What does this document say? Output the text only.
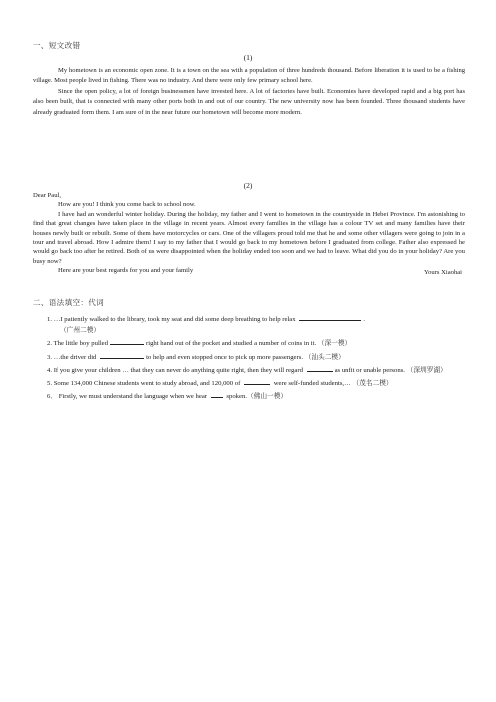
一、短文改错
(1)

My hometown is an economic open zone. It is a town on the sea with a population of three hundreds thousand. Before liberation it is used to be a fishing village. Most people lived in fishing. There was no industry. And there were only few primary school here.

Since the open policy, a lot of foreign businessmen have invested here. A lot of factories have built. Economies have developed rapid and a big port has also been built, that is connected with many other ports both in and out of our country. The new university now has been founded. Three thousand students have already graduated form them. I am sure of in the near future our hometown will become more modern.

(2)

Dear Paul,

How are you! I think you come back to school now.

I have had an wonderful winter holiday. During the holiday, my father and I went to hometown in the countryside in Hebei Province. I'm astonishing to find that great changes have taken place in the village in recent years. Almost every families in the village has a colour TV set and many families have their houses newly built or rebuilt. Some of them have motorcycles or cars. One of the villagers proud told me that he and some other villagers were going to join in a tour and travel abroad. How I admire them! I say to my father that I would go back to my hometown before I graduated from college. Father also expressed he would go back too after he retired. Both of us were disappointed when the holiday ended too soon and we had to leave. What did you do in your holiday? Are you busy now?

Here are your best regards for you and your family	Yours Xiaohai
二、语法填空：代词
1. …I patiently walked to the library, took my seat and did some deep breathing to help relax	.
（广州二模）
2. The little boy pulled	right hand out of the pocket and studied a number of coins in it. （深一模）
3. …the driver did	to help and even stopped once to pick up more passengers. （汕头二模）
4. If you give your children … that they can never do anything quite right, then they will regard	as unfit or unable persons. （深圳罗湖）
5. Some 134,000 Chinese students went to study abroad, and 120,000 of	were self-funded students,… （茂名二模）
6． Firstly, we must understand the language when we hear	spoken.（佛山一模）
